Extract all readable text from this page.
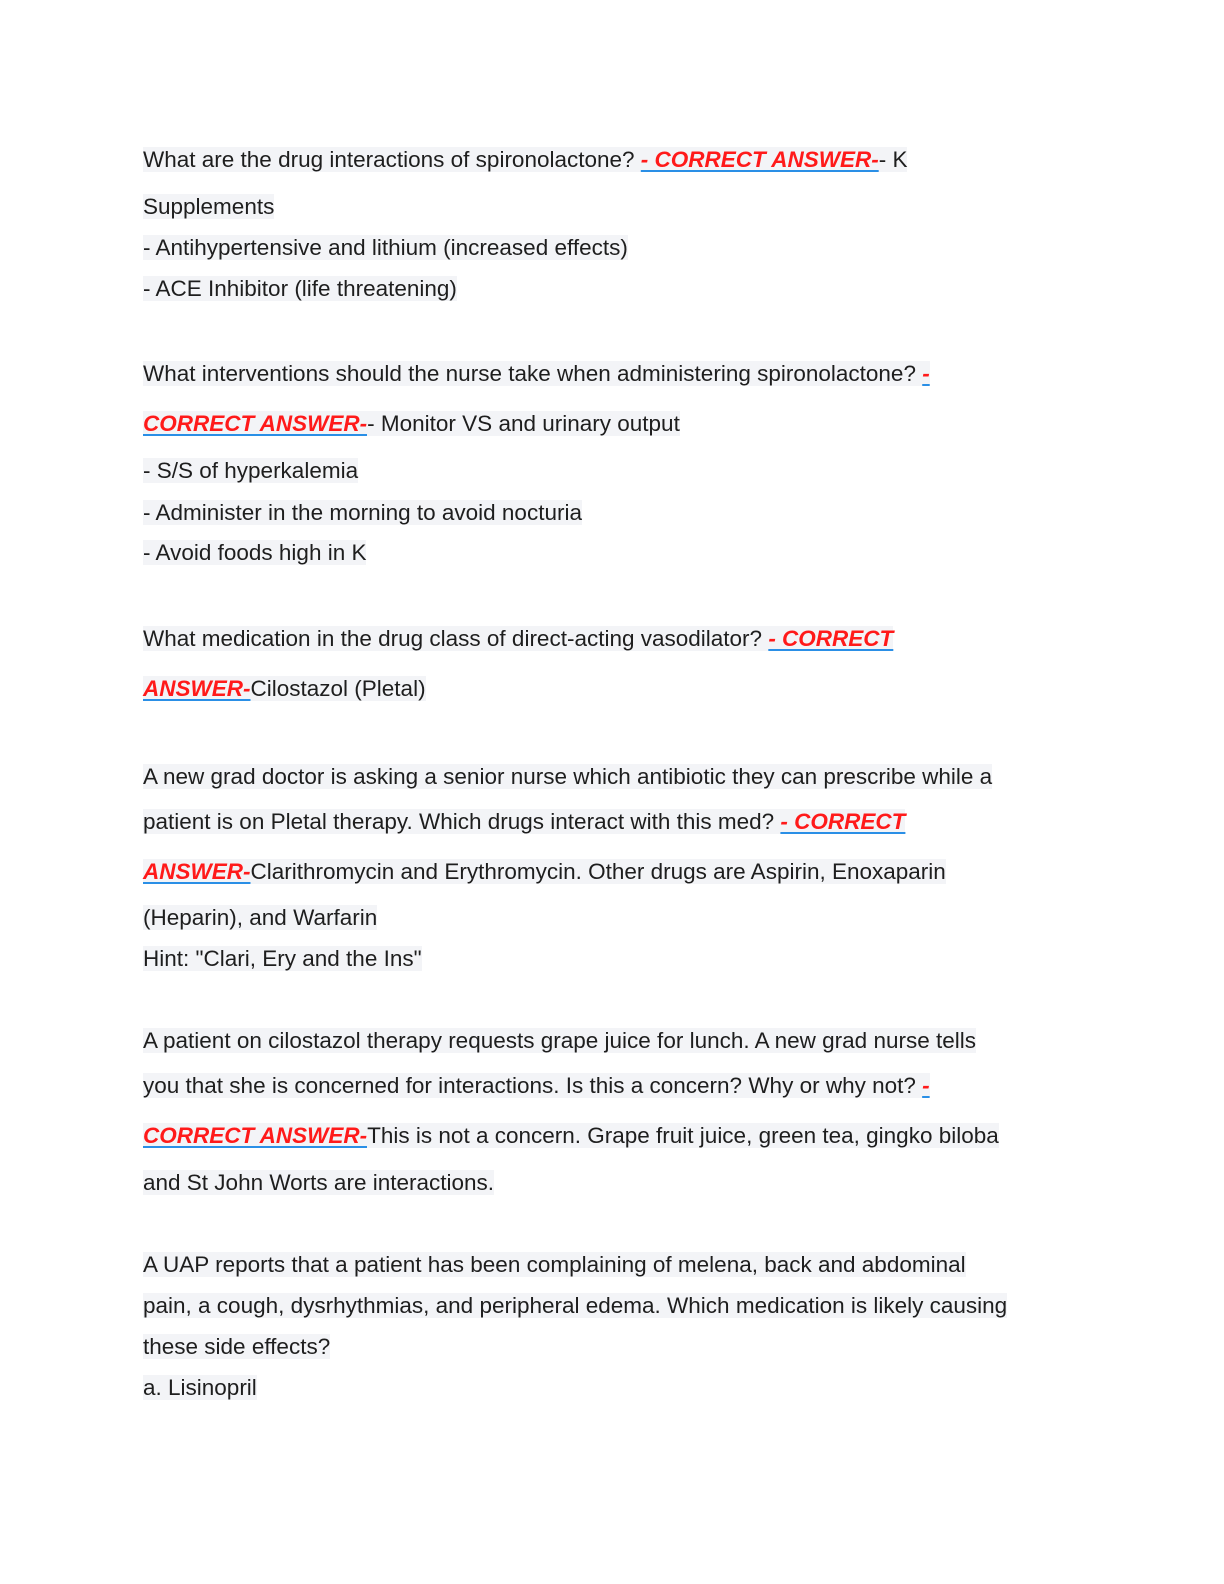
What are the drug interactions of spironolactone? - CORRECT ANSWER-- K
Supplements
- Antihypertensive and lithium (increased effects)
- ACE Inhibitor (life threatening)
What interventions should the nurse take when administering spironolactone? -
CORRECT ANSWER-- Monitor VS and urinary output
- S/S of hyperkalemia
- Administer in the morning to avoid nocturia
- Avoid foods high in K
What medication in the drug class of direct-acting vasodilator? - CORRECT
ANSWER-Cilostazol (Pletal)
A new grad doctor is asking a senior nurse which antibiotic they can prescribe while a
patient is on Pletal therapy. Which drugs interact with this med? - CORRECT
ANSWER-Clarithromycin and Erythromycin. Other drugs are Aspirin, Enoxaparin
(Heparin), and Warfarin
Hint: "Clari, Ery and the Ins"
A patient on cilostazol therapy requests grape juice for lunch. A new grad nurse tells
you that she is concerned for interactions. Is this a concern? Why or why not? -
CORRECT ANSWER-This is not a concern. Grape fruit juice, green tea, gingko biloba
and St John Worts are interactions.
A UAP reports that a patient has been complaining of melena, back and abdominal
pain, a cough, dysrhythmias, and peripheral edema. Which medication is likely causing
these side effects?
a. Lisinopril
